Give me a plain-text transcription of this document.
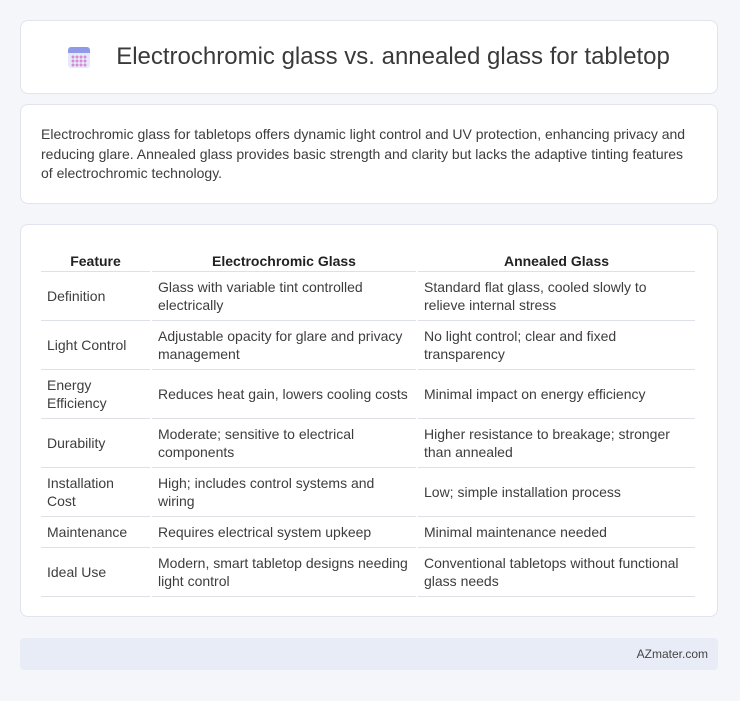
Electrochromic glass vs. annealed glass for tabletop

Electrochromic glass for tabletops offers dynamic light control and UV protection, enhancing privacy and reducing glare. Annealed glass provides basic strength and clarity but lacks the adaptive tinting features of electrochromic technology.

Feature	Electrochromic Glass	Annealed Glass
Definition	Glass with variable tint controlled electrically	Standard flat glass, cooled slowly to relieve internal stress
Light Control	Adjustable opacity for glare and privacy management	No light control; clear and fixed transparency
Energy Efficiency	Reduces heat gain, lowers cooling costs	Minimal impact on energy efficiency
Durability	Moderate; sensitive to electrical components	Higher resistance to breakage; stronger than annealed
Installation Cost	High; includes control systems and wiring	Low; simple installation process
Maintenance	Requires electrical system upkeep	Minimal maintenance needed
Ideal Use	Modern, smart tabletop designs needing light control	Conventional tabletops without functional glass needs
AZmater.com
